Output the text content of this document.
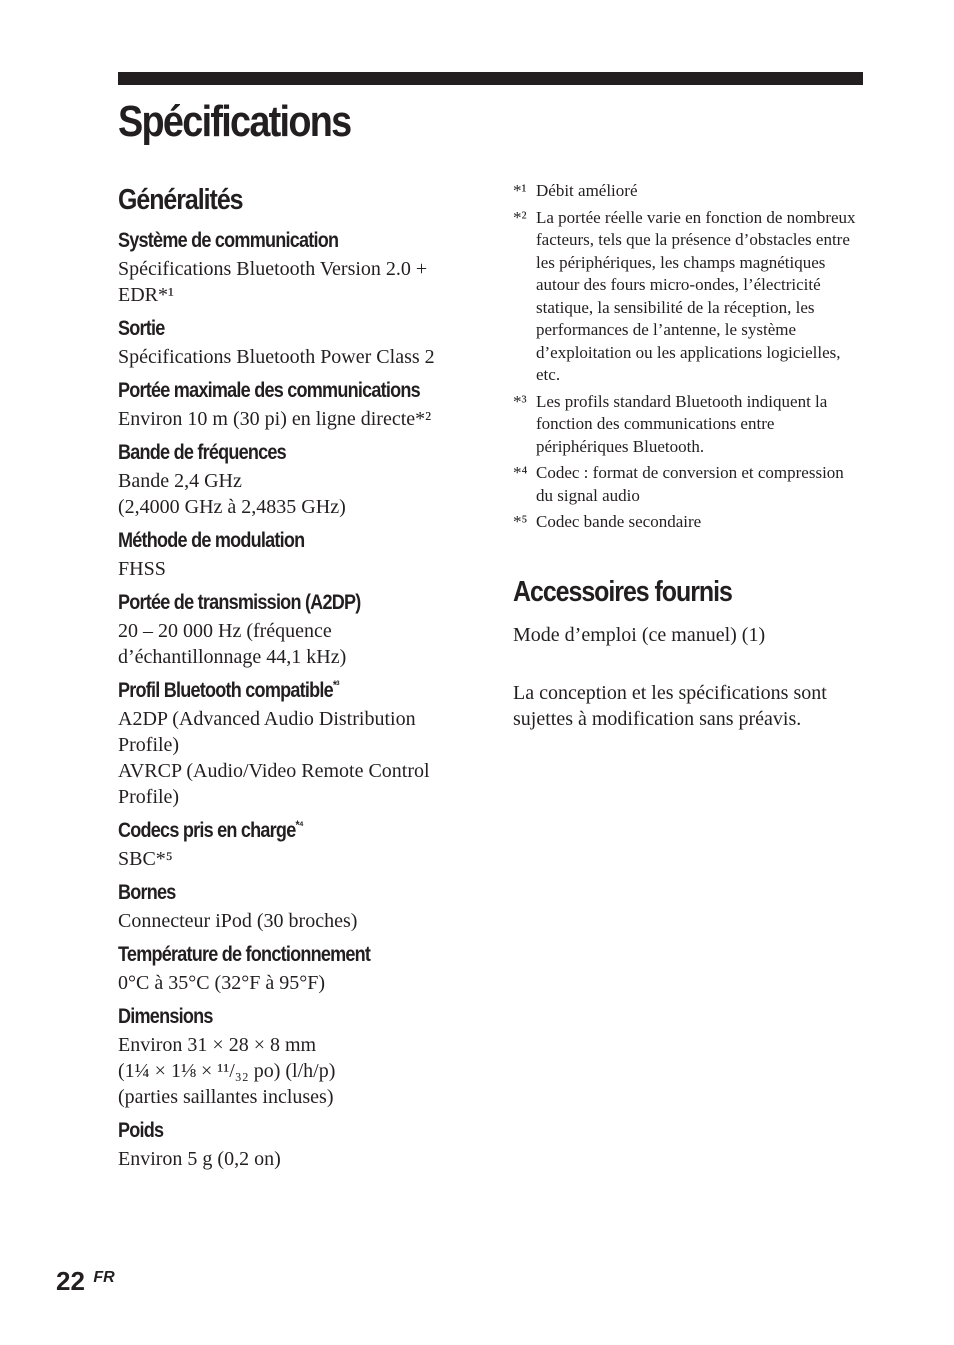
Spécifications
Généralités
Système de communication
Spécifications Bluetooth Version 2.0 + EDR*¹
Sortie
Spécifications Bluetooth Power Class 2
Portée maximale des communications
Environ 10 m (30 pi) en ligne directe*²
Bande de fréquences
Bande 2,4 GHz
(2,4000 GHz à 2,4835 GHz)
Méthode de modulation
FHSS
Portée de transmission (A2DP)
20 – 20 000 Hz (fréquence d’échantillonnage 44,1 kHz)
Profil Bluetooth compatible$^{*^3}$
A2DP (Advanced Audio Distribution Profile)
AVRCP (Audio/Video Remote Control Profile)
Codecs pris en charge$^{*^4}$
SBC*⁵
Bornes
Connecteur iPod (30 broches)
Température de fonctionnement
0°C à 35°C (32°F à 95°F)
Dimensions
Environ 31 × 28 × 8 mm
(1¼ × 1⅛ × ¹¹/₃₂ po) (l/h/p)
(parties saillantes incluses)
Poids
Environ 5 g (0,2 on)
*¹ Débit amélioré
*² La portée réelle varie en fonction de nombreux facteurs, tels que la présence d’obstacles entre les périphériques, les champs magnétiques autour des fours micro-ondes, l’électricité statique, la sensibilité de la réception, les performances de l’antenne, le système d’exploitation ou les applications logicielles, etc.
*³ Les profils standard Bluetooth indiquent la fonction des communications entre périphériques Bluetooth.
*⁴ Codec : format de conversion et compression du signal audio
*⁵ Codec bande secondaire
Accessoires fournis

Mode d’emploi (ce manuel) (1)

La conception et les spécifications sont sujettes à modification sans préavis.

22 FR
